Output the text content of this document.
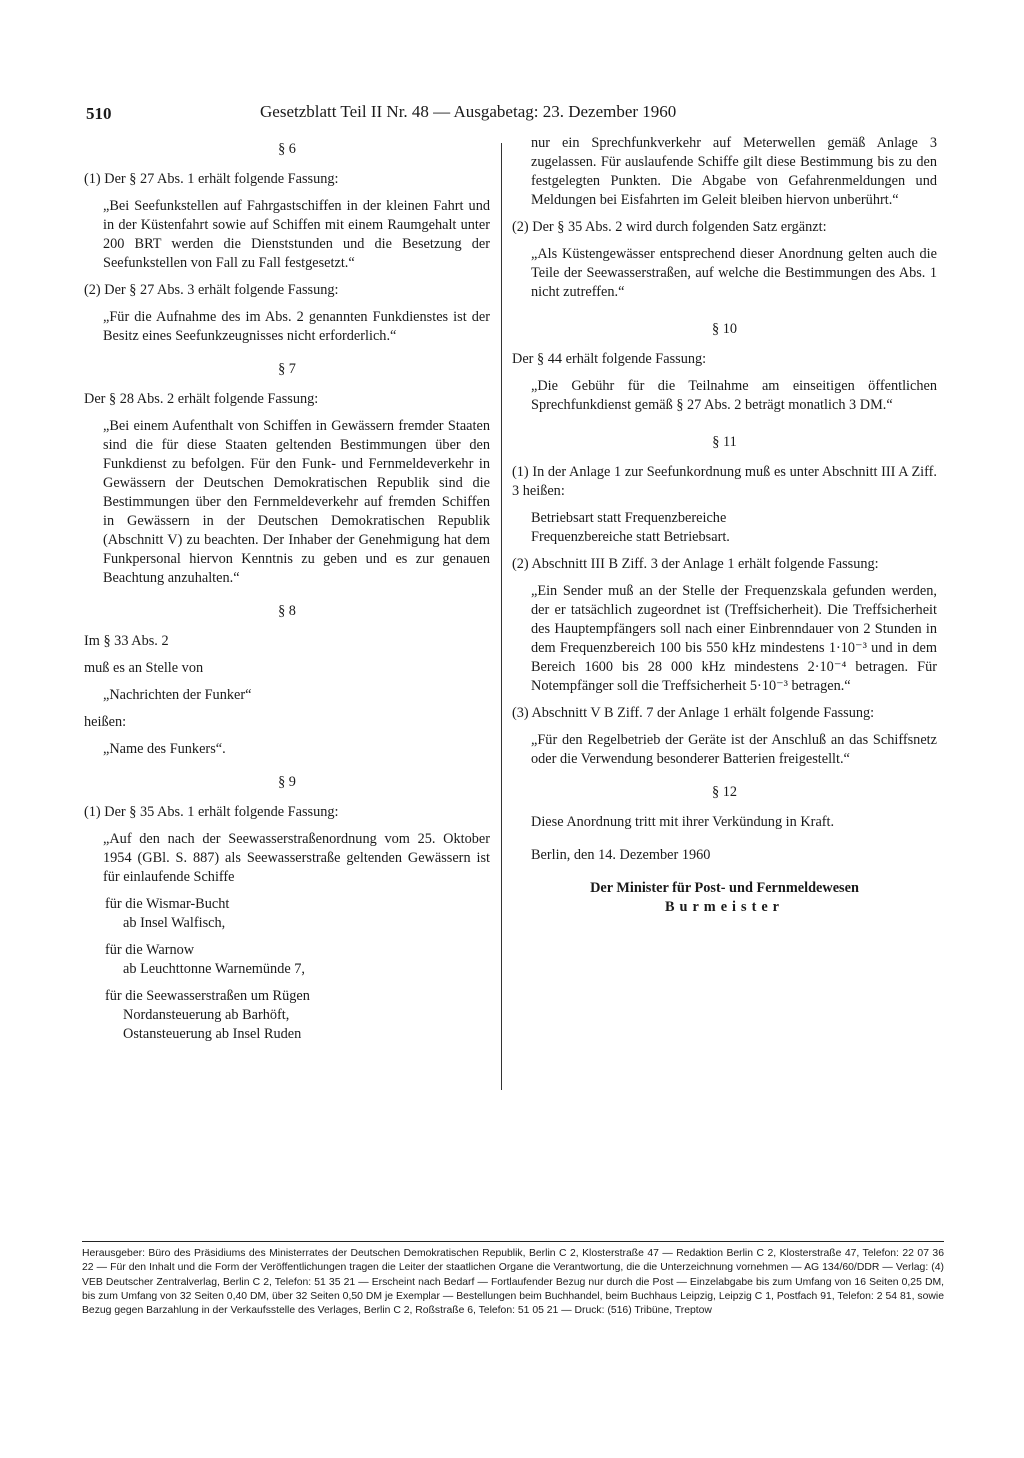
510	Gesetzblatt Teil II Nr. 48 — Ausgabetag: 23. Dezember 1960

§ 6

(1) Der § 27 Abs. 1 erhält folgende Fassung:

„Bei Seefunkstellen auf Fahrgastschiffen in der kleinen Fahrt und in der Küstenfahrt sowie auf Schiffen mit einem Raumgehalt unter 200 BRT werden die Dienststunden und die Besetzung der Seefunkstellen von Fall zu Fall festgesetzt.“

(2) Der § 27 Abs. 3 erhält folgende Fassung:

„Für die Aufnahme des im Abs. 2 genannten Funkdienstes ist der Besitz eines Seefunkzeugnisses nicht erforderlich.“

§ 7

Der § 28 Abs. 2 erhält folgende Fassung:

„Bei einem Aufenthalt von Schiffen in Gewässern fremder Staaten sind die für diese Staaten geltenden Bestimmungen über den Funkdienst zu befolgen. Für den Funk- und Fernmeldeverkehr in Gewässern der Deutschen Demokratischen Republik sind die Bestimmungen über den Fernmeldeverkehr auf fremden Schiffen in Gewässern in der Deutschen Demokratischen Republik (Abschnitt V) zu beachten. Der Inhaber der Genehmigung hat dem Funkpersonal hiervon Kenntnis zu geben und es zur genauen Beachtung anzuhalten.“

§ 8

Im § 33 Abs. 2

muß es an Stelle von

„Nachrichten der Funker“

heißen:

„Name des Funkers“.

§ 9

(1) Der § 35 Abs. 1 erhält folgende Fassung:

„Auf den nach der Seewasserstraßenordnung vom 25. Oktober 1954 (GBl. S. 887) als Seewasserstraße geltenden Gewässern ist für einlaufende Schiffe

für die Wismar-Bucht

ab Insel Walfisch,

für die Warnow

ab Leuchttonne Warnemünde 7,

für die Seewasserstraßen um Rügen

Nordansteuerung ab Barhöft,

Ostansteuerung ab Insel Ruden

nur ein Sprechfunkverkehr auf Meterwellen gemäß Anlage 3 zugelassen. Für auslaufende Schiffe gilt diese Bestimmung bis zu den festgelegten Punkten. Die Abgabe von Gefahrenmeldungen und Meldungen bei Eisfahrten im Geleit bleiben hiervon unberührt.“

(2) Der § 35 Abs. 2 wird durch folgenden Satz ergänzt:

„Als Küstengewässer entsprechend dieser Anordnung gelten auch die Teile der Seewasserstraßen, auf welche die Bestimmungen des Abs. 1 nicht zutreffen.“

§ 10

Der § 44 erhält folgende Fassung:

„Die Gebühr für die Teilnahme am einseitigen öffentlichen Sprechfunkdienst gemäß § 27 Abs. 2 beträgt monatlich 3 DM.“

§ 11

(1) In der Anlage 1 zur Seefunkordnung muß es unter Abschnitt III A Ziff. 3 heißen:

Betriebsart statt Frequenzbereiche

Frequenzbereiche statt Betriebsart.

(2) Abschnitt III B Ziff. 3 der Anlage 1 erhält folgende Fassung:

„Ein Sender muß an der Stelle der Frequenzskala gefunden werden, der er tatsächlich zugeordnet ist (Treffsicherheit). Die Treffsicherheit des Hauptempfängers soll nach einer Einbrenndauer von 2 Stunden in dem Frequenzbereich 100 bis 550 kHz mindestens 1·10⁻³ und in dem Bereich 1600 bis 28 000 kHz mindestens 2·10⁻⁴ betragen. Für Notempfänger soll die Treffsicherheit 5·10⁻³ betragen.“

(3) Abschnitt V B Ziff. 7 der Anlage 1 erhält folgende Fassung:

„Für den Regelbetrieb der Geräte ist der Anschluß an das Schiffsnetz oder die Verwendung besonderer Batterien freigestellt.“

§ 12

Diese Anordnung tritt mit ihrer Verkündung in Kraft.

Berlin, den 14. Dezember 1960

Der Minister für Post- und Fernmeldewesen

Burmeister

Herausgeber: Büro des Präsidiums des Ministerrates der Deutschen Demokratischen Republik, Berlin C 2, Klosterstraße 47 — Redaktion Berlin C 2, Klosterstraße 47, Telefon: 22 07 36 22 — Für den Inhalt und die Form der Veröffentlichungen tragen die Leiter der staatlichen Organe die Verantwortung, die die Unterzeichnung vornehmen — AG 134/60/DDR — Verlag: (4) VEB Deutscher Zentralverlag, Berlin C 2, Telefon: 51 35 21 — Erscheint nach Bedarf — Fortlaufender Bezug nur durch die Post — Einzelabgabe bis zum Umfang von 16 Seiten 0,25 DM, bis zum Umfang von 32 Seiten 0,40 DM, über 32 Seiten 0,50 DM je Exemplar — Bestellungen beim Buchhandel, beim Buchhaus Leipzig, Leipzig C 1, Postfach 91, Telefon: 2 54 81, sowie Bezug gegen Barzahlung in der Verkaufsstelle des Verlages, Berlin C 2, Roßstraße 6, Telefon: 51 05 21 — Druck: (516) Tribüne, Treptow
